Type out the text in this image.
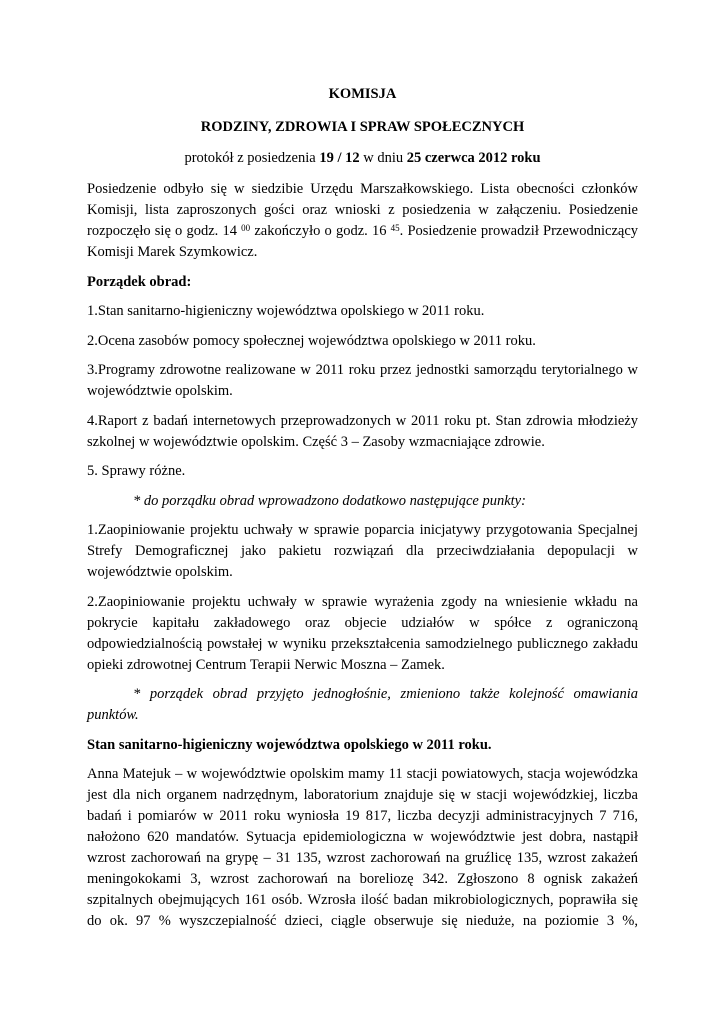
KOMISJA
RODZINY, ZDROWIA I SPRAW SPOŁECZNYCH
protokół z posiedzenia 19 / 12 w dniu 25 czerwca 2012 roku
Posiedzenie odbyło się w siedzibie Urzędu Marszałkowskiego. Lista obecności członków
Komisji, lista zaproszonych gości oraz wnioski z posiedzenia w załączeniu. Posiedzenie
rozpoczęło się o godz. 14 $^{00}$ zakończyło o godz. 16 $^{45}$. Posiedzenie prowadził Przewodniczący
Komisji Marek Szymkowicz.
Porządek obrad:
1.Stan sanitarno-higieniczny województwa opolskiego w 2011 roku.
2.Ocena zasobów pomocy społecznej województwa opolskiego w 2011 roku.
3.Programy zdrowotne realizowane w 2011 roku przez jednostki samorządu terytorialnego w
województwie opolskim.
4.Raport z badań internetowych przeprowadzonych w 2011 roku pt. Stan zdrowia młodzieży
szkolnej w województwie opolskim. Część 3 – Zasoby wzmacniające zdrowie.
5. Sprawy różne.
* do porządku obrad wprowadzono dodatkowo następujące punkty:
1.Zaopiniowanie projektu uchwały w sprawie poparcia inicjatywy przygotowania Specjalnej
Strefy Demograficznej jako pakietu rozwiązań dla przeciwdziałania depopulacji w
województwie opolskim.
2.Zaopiniowanie projektu uchwały w sprawie wyrażenia zgody na wniesienie wkładu na
pokrycie kapitału zakładowego oraz objecie udziałów w spółce z ograniczoną
odpowiedzialnością powstałej w wyniku przekształcenia samodzielnego publicznego zakładu
opieki zdrowotnej Centrum Terapii Nerwic Moszna – Zamek.
* porządek obrad przyjęto jednogłośnie, zmieniono także kolejność omawiania
punktów.
Stan sanitarno-higieniczny województwa opolskiego w 2011 roku.
Anna Matejuk – w województwie opolskim mamy 11 stacji powiatowych, stacja wojewódzka
jest dla nich organem nadrzędnym, laboratorium znajduje się w stacji wojewódzkiej, liczba
badań i pomiarów w 2011 roku wyniosła 19 817, liczba decyzji administracyjnych 7 716,
nałożono 620 mandatów. Sytuacja epidemiologiczna w województwie jest dobra, nastąpił
wzrost zachorowań na grypę – 31 135, wzrost zachorowań na gruźlicę 135, wzrost zakażeń
meningokokami 3, wzrost zachorowań na boreliozę 342. Zgłoszono 8 ognisk zakażeń
szpitalnych obejmujących 161 osób. Wzrosła ilość badan mikrobiologicznych, poprawiła się
do ok. 97 % wyszczepialność dzieci, ciągle obserwuje się nieduże, na poziomie 3 %,
